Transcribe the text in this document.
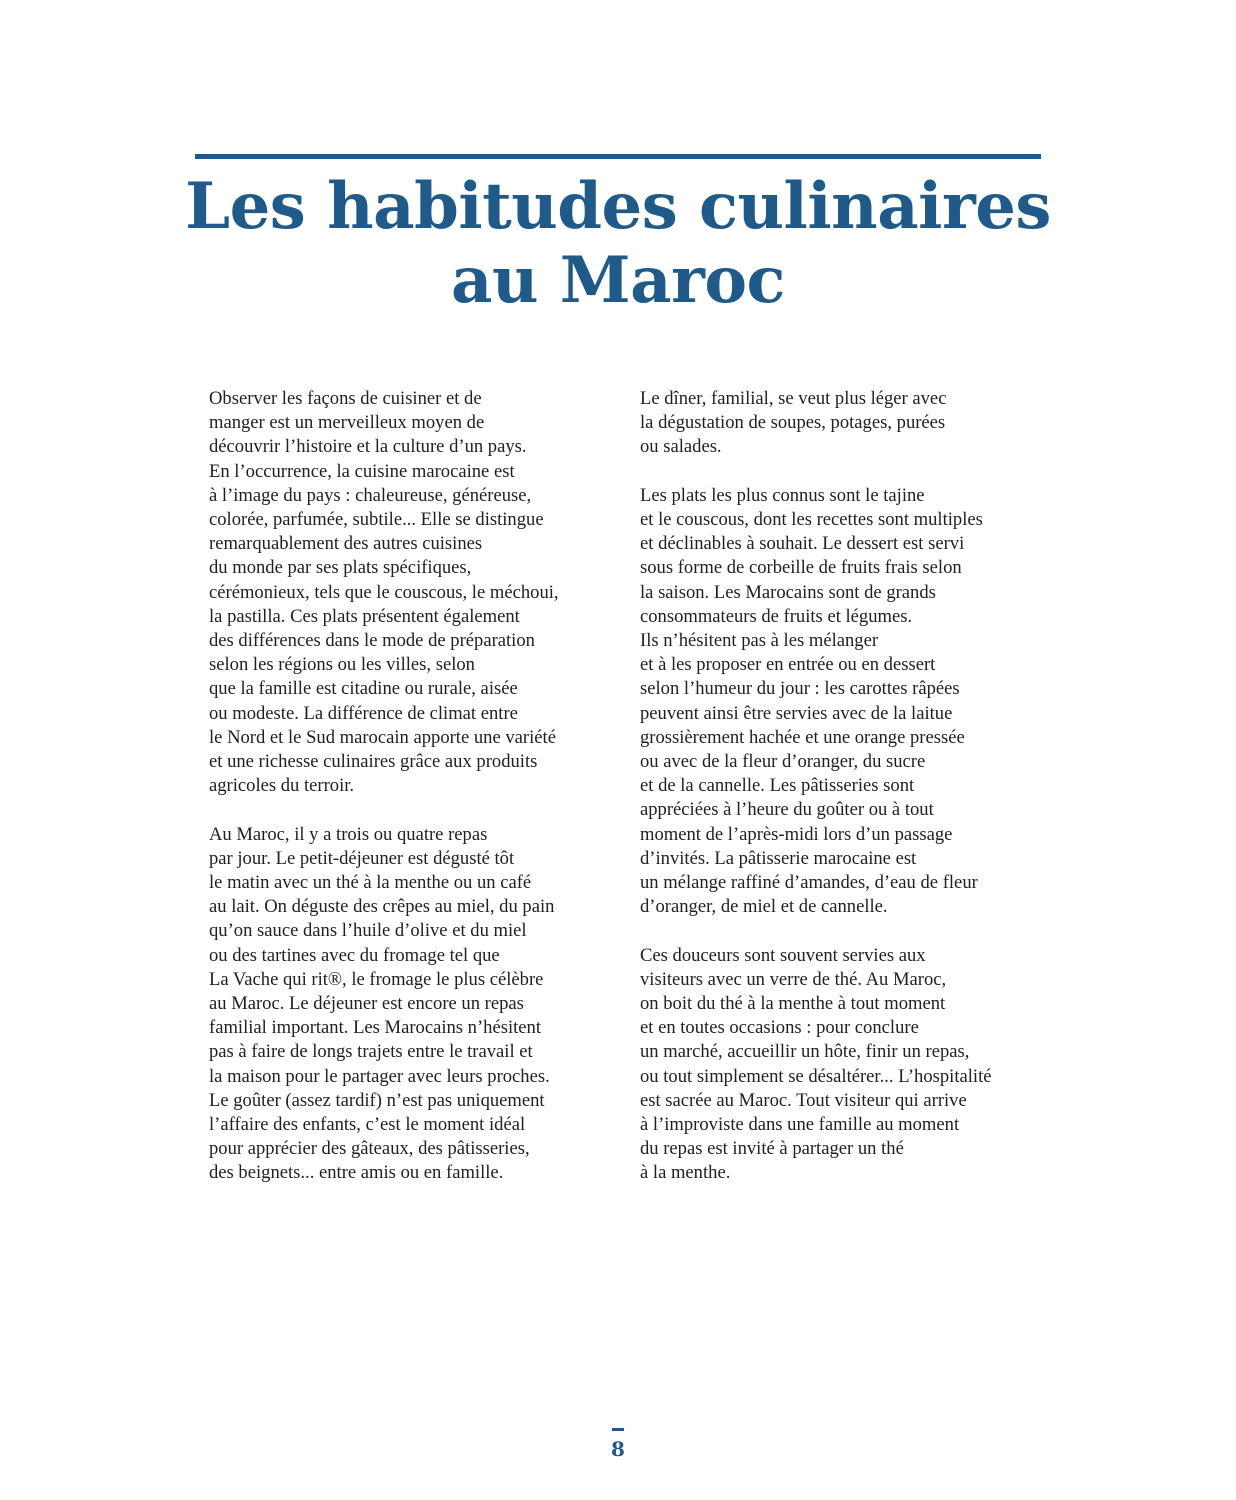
Les habitudes culinaires
au Maroc

Observer les façons de cuisiner et de
manger est un merveilleux moyen de
découvrir l’histoire et la culture d’un pays.
En l’occurrence, la cuisine marocaine est
à l’image du pays : chaleureuse, généreuse,
colorée, parfumée, subtile... Elle se distingue
remarquablement des autres cuisines
du monde par ses plats spécifiques,
cérémonieux, tels que le couscous, le méchoui,
la pastilla. Ces plats présentent également
des différences dans le mode de préparation
selon les régions ou les villes, selon
que la famille est citadine ou rurale, aisée
ou modeste. La différence de climat entre
le Nord et le Sud marocain apporte une variété
et une richesse culinaires grâce aux produits
agricoles du terroir.

Au Maroc, il y a trois ou quatre repas
par jour. Le petit-déjeuner est dégusté tôt
le matin avec un thé à la menthe ou un café
au lait. On déguste des crêpes au miel, du pain
qu’on sauce dans l’huile d’olive et du miel
ou des tartines avec du fromage tel que
La Vache qui rit®, le fromage le plus célèbre
au Maroc. Le déjeuner est encore un repas
familial important. Les Marocains n’hésitent
pas à faire de longs trajets entre le travail et
la maison pour le partager avec leurs proches.
Le goûter (assez tardif) n’est pas uniquement
l’affaire des enfants, c’est le moment idéal
pour apprécier des gâteaux, des pâtisseries,
des beignets... entre amis ou en famille.

Le dîner, familial, se veut plus léger avec
la dégustation de soupes, potages, purées
ou salades.

Les plats les plus connus sont le tajine
et le couscous, dont les recettes sont multiples
et déclinables à souhait. Le dessert est servi
sous forme de corbeille de fruits frais selon
la saison. Les Marocains sont de grands
consommateurs de fruits et légumes.
Ils n’hésitent pas à les mélanger
et à les proposer en entrée ou en dessert
selon l’humeur du jour : les carottes râpées
peuvent ainsi être servies avec de la laitue
grossièrement hachée et une orange pressée
ou avec de la fleur d’oranger, du sucre
et de la cannelle. Les pâtisseries sont
appréciées à l’heure du goûter ou à tout
moment de l’après-midi lors d’un passage
d’invités. La pâtisserie marocaine est
un mélange raffiné d’amandes, d’eau de fleur
d’oranger, de miel et de cannelle.

Ces douceurs sont souvent servies aux
visiteurs avec un verre de thé. Au Maroc,
on boit du thé à la menthe à tout moment
et en toutes occasions : pour conclure
un marché, accueillir un hôte, finir un repas,
ou tout simplement se désaltérer... L’hospitalité
est sacrée au Maroc. Tout visiteur qui arrive
à l’improviste dans une famille au moment
du repas est invité à partager un thé
à la menthe.

8
